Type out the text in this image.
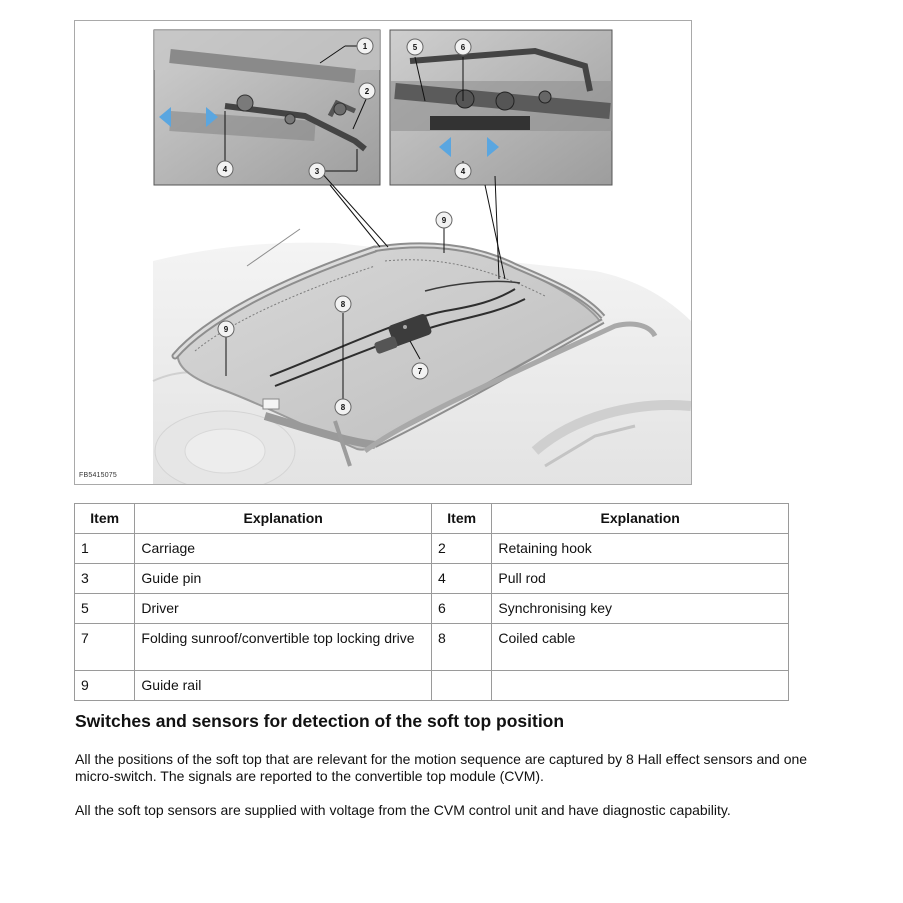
1
2
3
4
5	6
4
9
9
8
8
7
FB5415075
Item	Explanation	Item	Explanation
1	Carriage	2	Retaining hook
3	Guide pin	4	Pull rod
5	Driver	6	Synchronising key
7	Folding sunroof/convertible top locking drive	8	Coiled cable
9	Guide rail		
Switches and sensors for detection of the soft top position

All the positions of the soft top that are relevant for the motion sequence are captured by 8 Hall effect sensors and one micro-switch. The signals are reported to the convertible top module (CVM).

All the soft top sensors are supplied with voltage from the CVM control unit and have diagnostic capability.
